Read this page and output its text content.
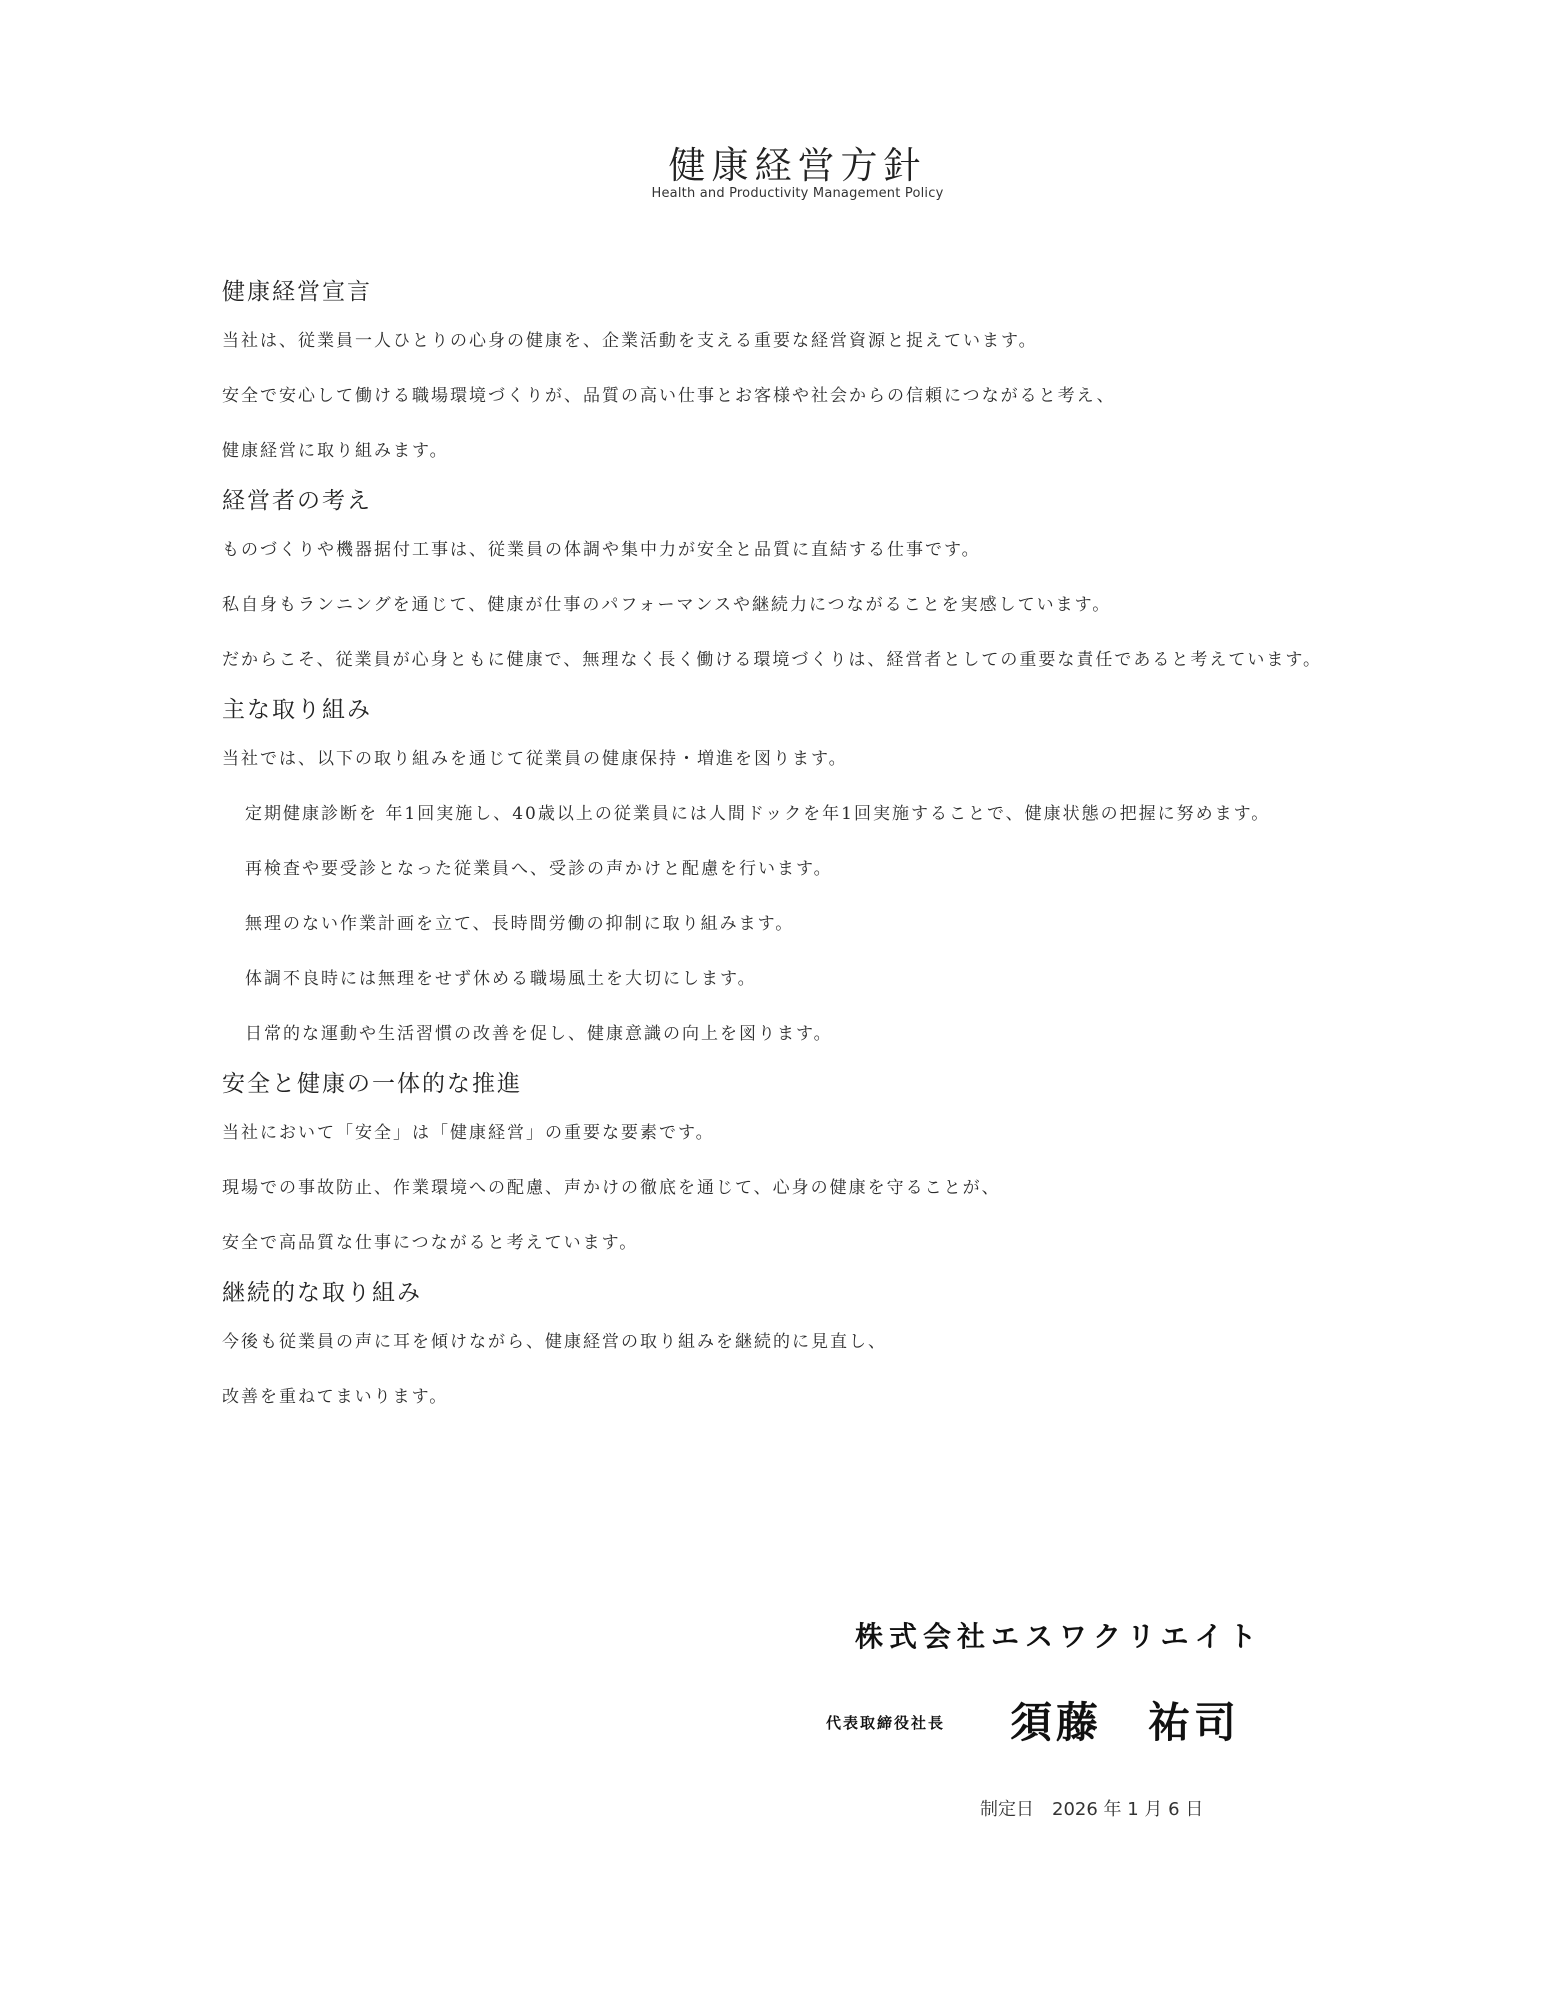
健康経営方針
Health and Productivity Management Policy
健康経営宣言

当社は、従業員一人ひとりの心身の健康を、企業活動を支える重要な経営資源と捉えています。

安全で安心して働ける職場環境づくりが、品質の高い仕事とお客様や社会からの信頼につながると考え、

健康経営に取り組みます。

経営者の考え

ものづくりや機器据付工事は、従業員の体調や集中力が安全と品質に直結する仕事です。

私自身もランニングを通じて、健康が仕事のパフォーマンスや継続力につながることを実感しています。

だからこそ、従業員が心身ともに健康で、無理なく長く働ける環境づくりは、経営者としての重要な責任であると考えています。

主な取り組み

当社では、以下の取り組みを通じて従業員の健康保持・増進を図ります。

定期健康診断を 年1回実施し、40歳以上の従業員には人間ドックを年1回実施することで、健康状態の把握に努めます。

再検査や要受診となった従業員へ、受診の声かけと配慮を行います。

無理のない作業計画を立て、長時間労働の抑制に取り組みます。

体調不良時には無理をせず休める職場風土を大切にします。

日常的な運動や生活習慣の改善を促し、健康意識の向上を図ります。

安全と健康の一体的な推進

当社において「安全」は「健康経営」の重要な要素です。

現場での事故防止、作業環境への配慮、声かけの徹底を通じて、心身の健康を守ることが、

安全で高品質な仕事につながると考えています。

継続的な取り組み

今後も従業員の声に耳を傾けながら、健康経営の取り組みを継続的に見直し、

改善を重ねてまいります。

株式会社エスワクリエイト
代表取締役社長 須藤　祐司
制定日　2026 年 1 月 6 日
